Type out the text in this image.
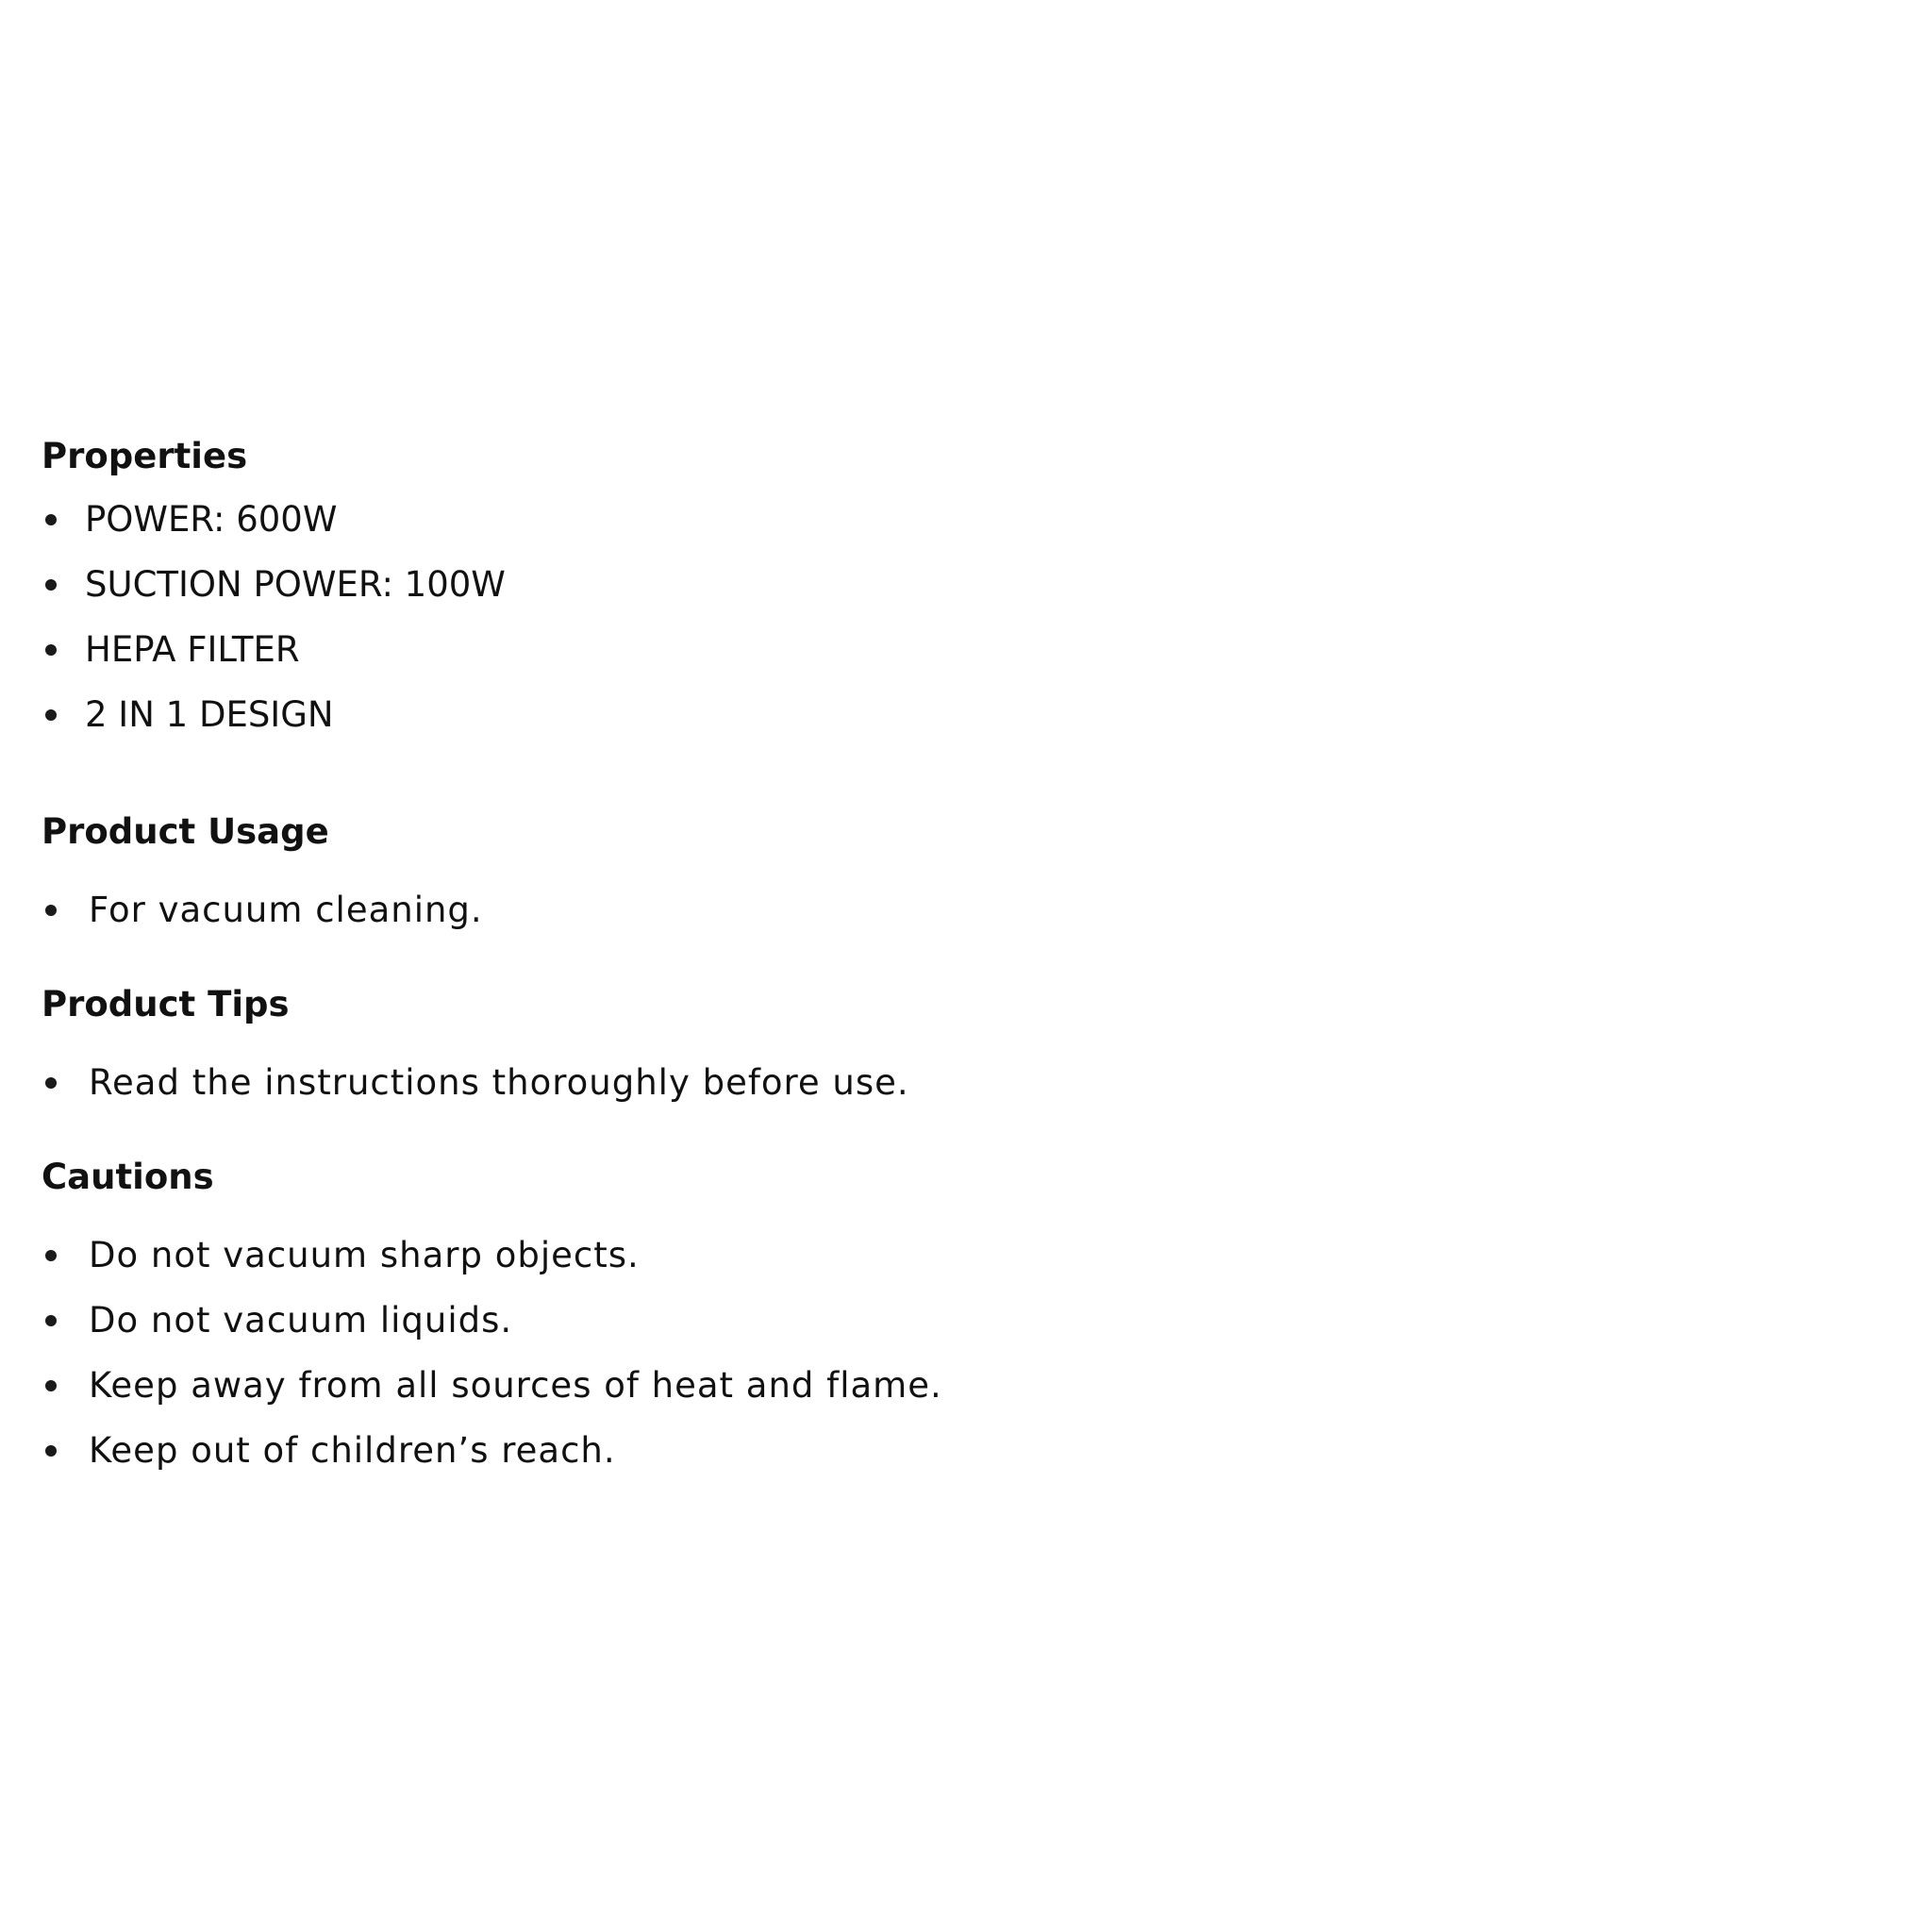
Properties
POWER: 600W
SUCTION POWER: 100W
HEPA FILTER
2 IN 1 DESIGN
Product Usage
For vacuum cleaning.
Product Tips
Read the instructions thoroughly before use.
Cautions
Do not vacuum sharp objects.
Do not vacuum liquids.
Keep away from all sources of heat and flame.
Keep out of children’s reach.
